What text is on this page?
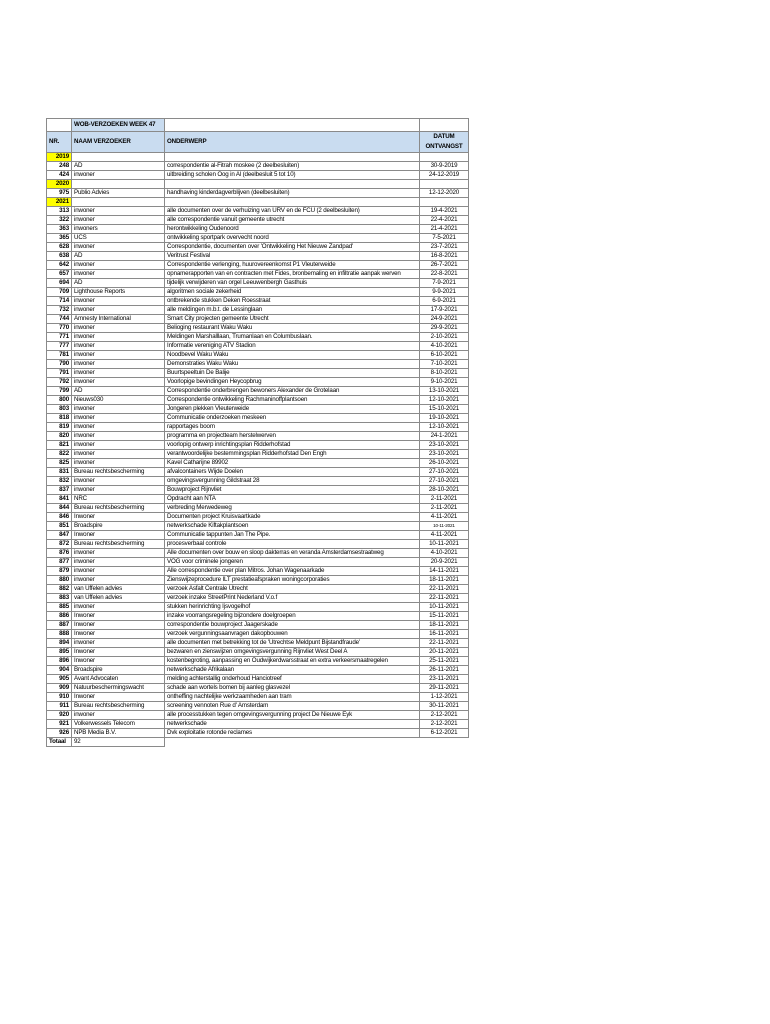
	WOB-VERZOEKEN WEEK 47		
NR.	NAAM VERZOEKER	ONDERWERP	DATUM
ONTVANGST
2019			
248	AD	correspondentie al-Fitrah moskee (2 deelbesluiten)	30-9-2019
424	inwoner	uitbreiding scholen Oog in Al (deelbesluit 5 tot 10)	24-12-2019
2020			
975	Publio Advies	handhaving kinderdagverblijven (deelbesluiten)	12-12-2020
2021			
313	inwoner	alle documenten over de verhuizing van URV en de FCU (2 deelbesluiten)	19-4-2021
322	inwoner	alle correspondentie vanuit gemeente utrecht	22-4-2021
363	inwoners	herontwikkeling Oudenoord	21-4-2021
365	UCS	ontwikkeling sportpark overvecht noord	7-5-2021
628	inwoner	Correspondentie, documenten over 'Ontwikkeling Het Nieuwe Zandpad'	23-7-2021
638	AD	Veritrust Festival	16-8-2021
642	inwoner	Correspondentie verlenging, huurovereenkomst P1 Vleuterweide	26-7-2021
657	inwoner	opnamerapporten van en contracten met Fides, bronbemaling en infiltratie aanpak werven	22-8-2021
694	AD	tijdelijk verwijderen van orgel Leeuwenbergh Gasthuis	7-9-2021
709	Lighthouse Reports	algoritmen sociale zekerheid	9-9-2021
714	inwoner	ontbrekende stukken Deken Roesstraat	6-9-2021
732	inwoner	alle meldingen m.b.t. de Lessinglaan	17-9-2021
744	Amnesty International	Smart City projecten gemeente Utrecht	24-9-2021
770	inwoner	Belioging restaurant Waku Waku	29-9-2021
771	inwoner	Meldingen Marshalllaan, Trumanlaan en Columbuslaan.	2-10-2021
777	inwoner	Informatie vereniging ATV Stadion	4-10-2021
781	inwoner	Noodbevel Waku Waku	6-10-2021
790	inwoner	Demonstraties Waku Waku	7-10-2021
791	inwoner	Buurtspeeltuin De Balije	8-10-2021
792	inwoner	Voorlopige bevindingen Heycopbrug	9-10-2021
799	AD	Correspondentie onderbrengen bewoners Alexander de Grotelaan	13-10-2021
800	Nieuws030	Correspondentie ontwikkeling Rachmaninoffplantsoen	12-10-2021
803	inwoner	Jongeren plekken Vleuterweide	15-10-2021
818	inwoner	Communicatie onderzoeken meskeen	19-10-2021
819	inwoner	rapportages boom	12-10-2021
820	inwoner	programma en projectteam herstelwerven	24-1-2021
821	inwoner	voorlopig ontwerp inrichtingsplan Ridderhofstad	23-10-2021
822	inwoner	verantwoordelijke bestemmingsplan Ridderhofstad Den Engh	23-10-2021
825	inwoner	Kavel Catharijne 89902	26-10-2021
831	Bureau rechtsbescherming	afvalcontainers Wijde Doelen	27-10-2021
832	inwoner	omgevingsvergunning Gildstraat 28	27-10-2021
837	inwoner	Bouwproject Rijnvliet	28-10-2021
841	NRC	Opdracht aan NTA	2-11-2021
844	Bureau rechtsbescherming	verbreding Merwedeweg	2-11-2021
846	Inwoner	Documenten project Kruisvaartkade	4-11-2021
851	Broadspire	netwerkschade Kiftakplantsoen	10-11-2021
847	Inwoner	Communicatie tappunten Jan The Pipe.	4-11-2021
872	Bureau rechtsbescherming	procesverbaal controle	10-11-2021
876	inwoner	Alle documenten over bouw en sloop dakterras en veranda Amsterdamsestraatweg	4-10-2021
877	inwoner	VOG voor criminele jongeren	20-9-2021
879	inwoner	Alle correspondentie over plan Mitros. Johan Wagenaarkade	14-11-2021
880	inwoner	Zienswijzeprocedure ILT prestatieafspraken woningcorporaties	18-11-2021
882	van Uffelen advies	verzoek Asfalt Centrale Utrecht	22-11-2021
883	van Uffelen advies	verzoek inzake StreetPrint Nederland V.o.f	22-11-2021
885	inwoner	stukken herinrichting Ijsvogelhof	10-11-2021
886	Inwoner	inzake voorrangsregeling bijzondere doelgroepen	15-11-2021
887	Inwoner	correspondentie bouwproject Jaagerskade	18-11-2021
888	Inwoner	verzoek vergunningsaanvragen dakopbouwen	16-11-2021
894	inwoner	alle documenten met betrekking tot de 'Utrechtse Meldpunt Bijstandfraude'	22-11-2021
895	Inwoner	bezwaren en zienswijzen omgevingsvergunning Rijnvliet West Deel A	20-11-2021
896	Inwoner	kostenbegroting, aanpassing en Oudwijkerdwarsstraat en extra verkeersmaatregelen	25-11-2021
904	Broadspire	netwerkschade Afrikalaan	26-11-2021
905	Avant Advocaten	melding achterstallig onderhoud Hanciotreef	23-11-2021
909	Natuurbeschermingswacht	schade aan wortels bomen bij aanleg glasvezel	29-11-2021
910	Inwoner	ontheffing nachtelijke werkzaamheden aan tram	1-12-2021
911	Bureau rechtsbescherming	screening vennoten Rue d' Amsterdam	30-11-2021
920	inwoner	alle processtukken tegen omgevingsvergunning project De Nieuwe Eyk	2-12-2021
921	Volkerwessels Telecom	netwerkschade	2-12-2021
926	NPB Media B.V.	Dvk exploitatie rotonde reclames	6-12-2021
Totaal	92		
